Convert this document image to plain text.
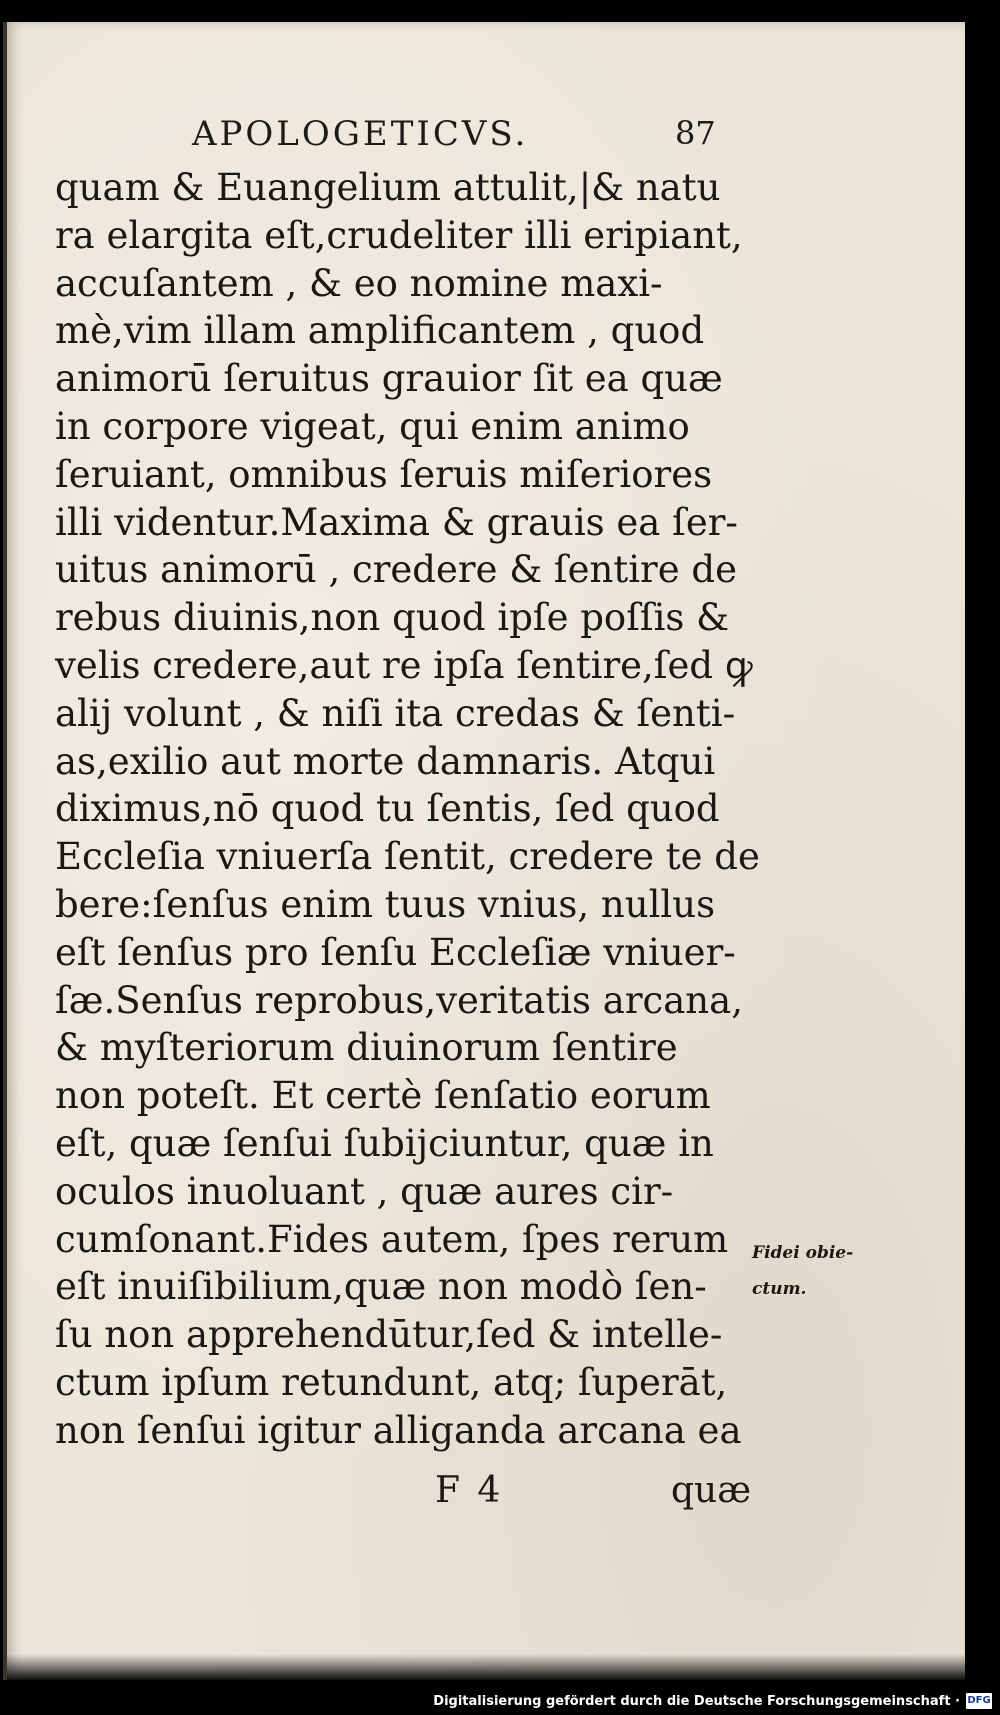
APOLOGETICVS.	87
quam & Euangelium attulit,|& natu
ra elargita eſt,crudeliter illi eripiant,
accuſantem , & eo nomine maxi-
mè,vim illam amplificantem , quod
animorū ſeruitus grauior ſit ea quæ
in corpore vigeat, qui enim animo
ſeruiant, omnibus ſeruis miſeriores
illi videntur.Maxima & grauis ea ſer-
uitus animorū , credere & ſentire de
rebus diuinis,non quod ipſe poſſis &
velis credere,aut re ipſa ſentire,ſed ꝙ
alij volunt , & niſi ita credas & ſenti-
as,exilio aut morte damnaris. Atqui
diximus,nō quod tu ſentis, ſed quod
Eccleſia vniuerſa ſentit, credere te de
bere:ſenſus enim tuus vnius, nullus
eſt ſenſus pro ſenſu Eccleſiæ vniuer-
ſæ.Senſus reprobus,veritatis arcana,
& myſteriorum diuinorum ſentire
non poteſt. Et certè ſenſatio eorum
eſt, quæ ſenſui ſubijciuntur, quæ in
oculos inuoluant , quæ aures cir-
cumſonant.Fides autem, ſpes rerum
eſt inuiſibilium,quæ non modò ſen-
ſu non apprehendūtur,ſed & intelle-
ctum ipſum retundunt, atq; ſuperāt,
non ſenſui igitur alliganda arcana ea
Fidei obie-
ctum.
F 4	quæ
Digitalisierung gefördert durch die Deutsche Forschungsgemeinschaft · DFG
